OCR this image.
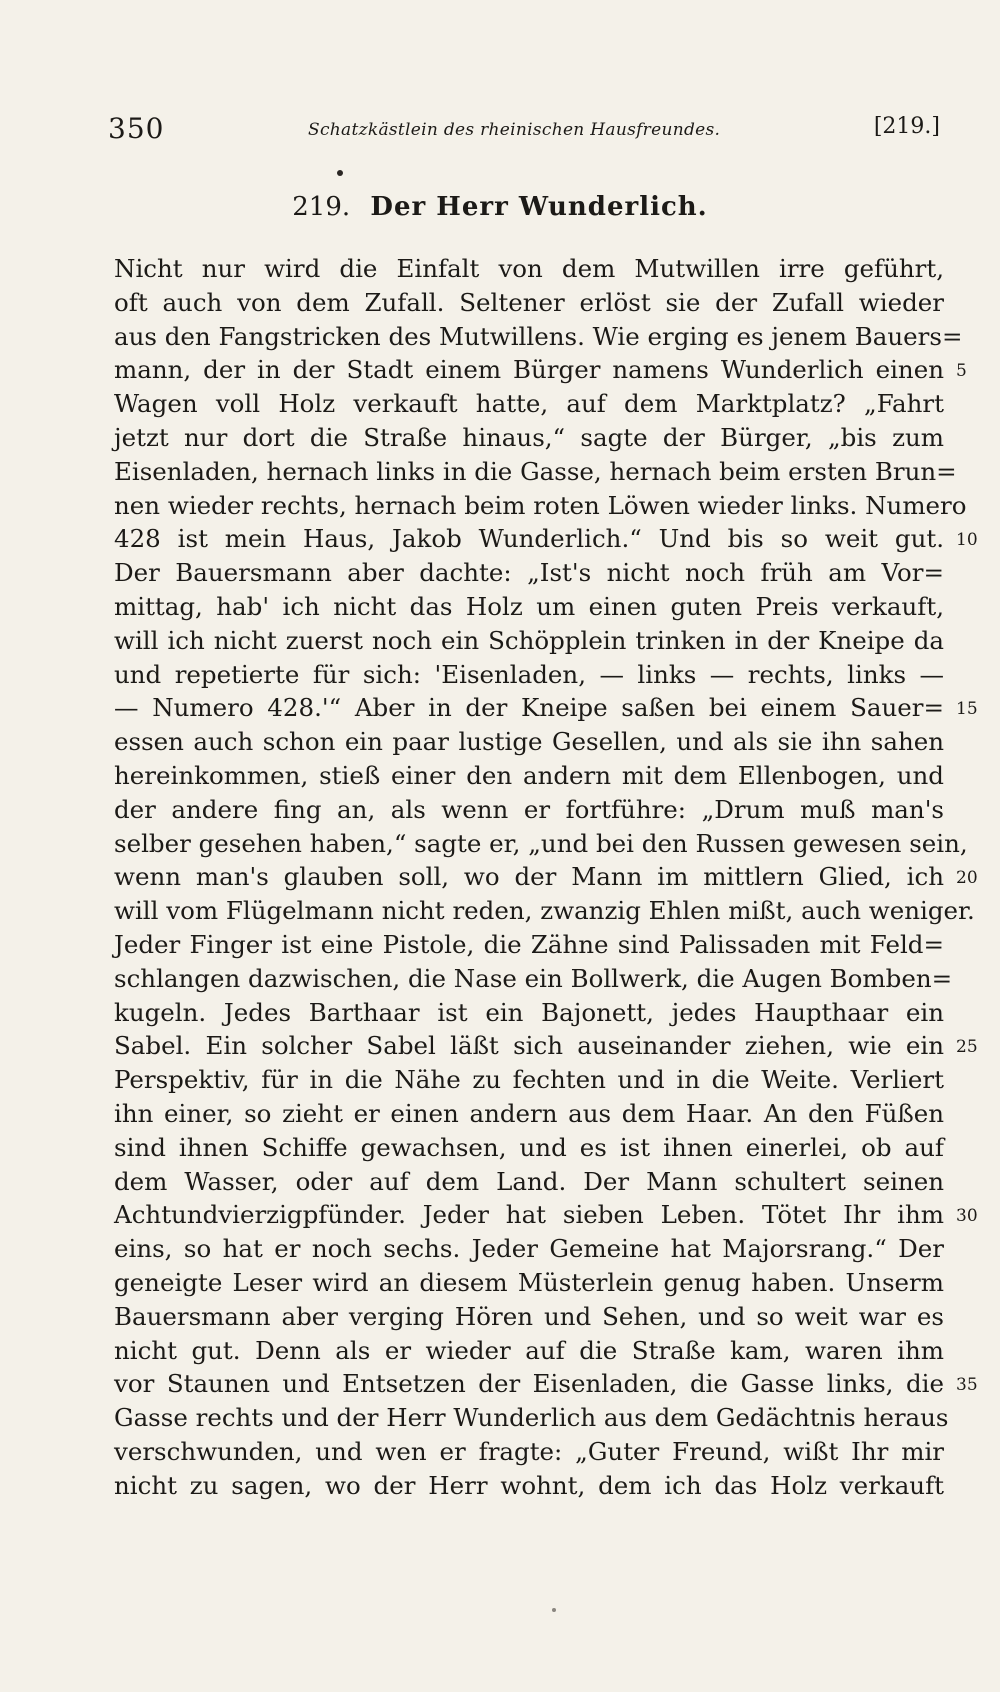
350	Schatzkästlein des rheinischen Hausfreundes.	[219.]
219. Der Herr Wunderlich.
Nicht nur wird die Einfalt von dem Mutwillen irre geführt,
oft auch von dem Zufall. Seltener erlöst sie der Zufall wieder
aus den Fangstricken des Mutwillens. Wie erging es jenem Bauers=
mann, der in der Stadt einem Bürger namens Wunderlich einen 5
Wagen voll Holz verkauft hatte, auf dem Marktplatz? „Fahrt
jetzt nur dort die Straße hinaus,“ sagte der Bürger, „bis zum
Eisenladen, hernach links in die Gasse, hernach beim ersten Brun=
nen wieder rechts, hernach beim roten Löwen wieder links. Numero
428 ist mein Haus, Jakob Wunderlich.“ Und bis so weit gut. 10
Der Bauersmann aber dachte: „Ist's nicht noch früh am Vor=
mittag, hab' ich nicht das Holz um einen guten Preis verkauft,
will ich nicht zuerst noch ein Schöpplein trinken in der Kneipe da
und repetierte für sich: 'Eisenladen, — links — rechts, links —
— Numero 428.'“ Aber in der Kneipe saßen bei einem Sauer= 15
essen auch schon ein paar lustige Gesellen, und als sie ihn sahen
hereinkommen, stieß einer den andern mit dem Ellenbogen, und
der andere fing an, als wenn er fortführe: „Drum muß man's
selber gesehen haben,“ sagte er, „und bei den Russen gewesen sein,
wenn man's glauben soll, wo der Mann im mittlern Glied, ich 20
will vom Flügelmann nicht reden, zwanzig Ehlen mißt, auch weniger.
Jeder Finger ist eine Pistole, die Zähne sind Palissaden mit Feld=
schlangen dazwischen, die Nase ein Bollwerk, die Augen Bomben=
kugeln. Jedes Barthaar ist ein Bajonett, jedes Haupthaar ein
Sabel. Ein solcher Sabel läßt sich auseinander ziehen, wie ein 25
Perspektiv, für in die Nähe zu fechten und in die Weite. Verliert
ihn einer, so zieht er einen andern aus dem Haar. An den Füßen
sind ihnen Schiffe gewachsen, und es ist ihnen einerlei, ob auf
dem Wasser, oder auf dem Land. Der Mann schultert seinen
Achtundvierzigpfünder. Jeder hat sieben Leben. Tötet Ihr ihm 30
eins, so hat er noch sechs. Jeder Gemeine hat Majorsrang.“ Der
geneigte Leser wird an diesem Müsterlein genug haben. Unserm
Bauersmann aber verging Hören und Sehen, und so weit war es
nicht gut. Denn als er wieder auf die Straße kam, waren ihm
vor Staunen und Entsetzen der Eisenladen, die Gasse links, die 35
Gasse rechts und der Herr Wunderlich aus dem Gedächtnis heraus
verschwunden, und wen er fragte: „Guter Freund, wißt Ihr mir
nicht zu sagen, wo der Herr wohnt, dem ich das Holz verkauft
